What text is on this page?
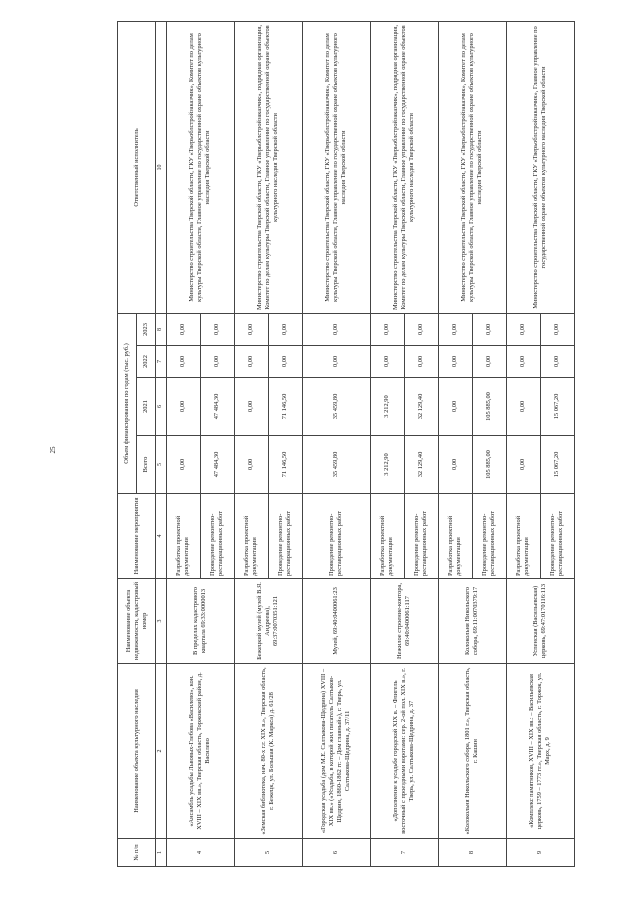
25
№ п/п	Наименование объекта культурного наследия	Наименование объекта недвижимости, кадастровый номер	Наименование мероприятия	Объем финансирования по годам (тыс. руб.)				Ответственный исполнитель
				Всего	2021	2022	2023	
1	2	3	4	5	6	7	8	10
4	«Ансамбль усадьбы Львовых-Глебова «Василево», кон. XVIII – XIX вв.», Тверская область, Торжокский район, д. Василево	В пределах кадастрового квартала 69:33:0000013	Разработка проектной документации	0,00	0,00	0,00	0,00	Министерство строительства Тверской области, ГКУ «Тверьоблстройзаказчик», Комитет по делам культуры Тверской области, Главное управление по государственной охране объектов культурного наследия Тверской области
			Проведение ремонтно-реставрационных работ	47 484,30	47 484,30	0,00	0,00	
5	«Земская библиотека, нач. 80-х г.г. XIX в.», Тверская область, г. Бежецк, ул. Большая (К. Маркса) д. 61/28	Бежецкий музей (музей В.Я. Андреева), 69:37:0070351:121	Разработка проектной документации	0,00	0,00	0,00	0,00	Министерство строительства Тверской области, ГКУ «Тверьоблстройзаказчик», подрядная организация, Комитет по делам культуры Тверской области, Главное управление по государственной охране объектов культурного наследия Тверской области
			Проведение ремонтно-реставрационных работ	71 146,50	71 146,50	0,00	0,00	
6	«Городская усадьба (дом М.Е. Салтыкова-Щедрина) XVIII – XIX вв.» («Усадьба, в которой жил писатель Салтыков-Щедрин, 1860-1862 гг. – Дом главный»), г. Тверь, ул. Салтыкова-Щедрина, д. 37/11	Музей, 69:40:0400061:23	Проведение ремонтно-реставрационных работ	35 459,80	35 459,80	0,00	0,00	Министерство строительства Тверской области, ГКУ «Тверьоблстройзаказчик», Комитет по делам культуры Тверской области, Главное управление по государственной охране объектов культурного наследия Тверской области
7	«Дополнение к усадьбе городской XIX в. – Флигель восточный с проездными воротами: сер. 2-ой пол. XIX в.», г. Тверь, ул. Салтыкова-Щедрина, д. 37	Нежилое строение-контора, 69:40:0400061:117	Разработка проектной документации	3 212,90	3 212,90	0,00	0,00	Министерство строительства Тверской области, ГКУ «Тверьоблстройзаказчик», подрядная организация, Комитет по делам культуры Тверской области, Главное управление по государственной охране объектов культурного наследия Тверской области
			Проведение ремонтно-реставрационных работ	32 129,40	32 129,40	0,00	0,00	
8	«Колокольня Никольского собора, 1801 г.», Тверская область, г. Кашин	Колокольня Никольского собора, 69:11:0070379:17	Разработка проектной документации	0,00	0,00	0,00	0,00	Министерство строительства Тверской области, ГКУ «Тверьоблстройзаказчик», Комитет по делам культуры Тверской области, Главное управление по государственной охране объектов культурного наследия Тверской области
			Проведение ремонтно-реставрационных работ	105 885,00	105 885,00	0,00	0,00	
9	«Комплекс памятников, XVIII – XIX вв.: – Васильевская церковь, 1759 – 1773 гг.», Тверская область, г. Торжок, ул. Марх, д. 9	Успенская (Васильевская) церковь, 69:47:0170116:113	Разработка проектной документации	0,00	0,00	0,00	0,00	Министерство строительства Тверской области, ГКУ «Тверьоблстройзаказчик», Главное управление по государственной охране объектов культурного наследия Тверской области
			Проведение ремонтно-реставрационных работ	15 067,20	15 067,20	0,00	0,00	
